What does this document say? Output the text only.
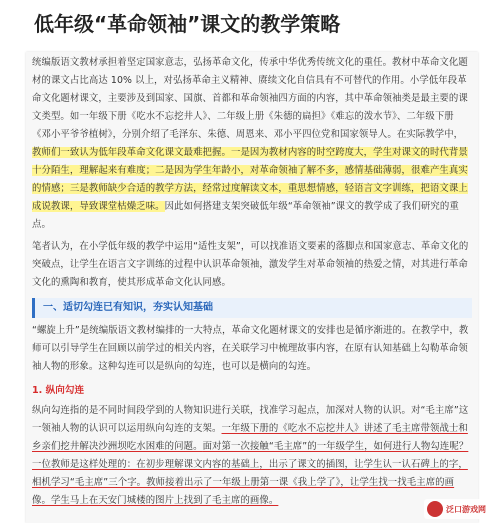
低年级“革命领袖”课文的教学策略

统编版语文教材承担着坚定国家意志，弘扬革命文化，传承中华优秀传统文化的重任。教材中革命文化题材的课文占比高达 10% 以上，对弘扬革命主义精神、赓续文化自信具有不可替代的作用。小学低年段革命文化题材课文，主要涉及到国家、国旗、首都和革命领袖四方面的内容，其中革命领袖类是最主要的课文类型。如一年级下册《吃水不忘挖井人》、二年级上册《朱德的扁担》《难忘的泼水节》、二年级下册《邓小平爷爷植树》，分别介绍了毛泽东、朱德、周恩来、邓小平四位党和国家领导人。在实际教学中，教师们一致认为低年段革命文化课文最难把握。一是因为教材内容的时空跨度大，学生对课文的时代背景十分陌生，理解起来有难度；二是因为学生年龄小，对革命领袖了解不多，感情基础薄弱，很难产生真实的情感；三是教师缺少合适的教学方法，经常过度解读文本，重思想情感，轻语言文字训练，把语文课上成说教课，导致课堂枯燥乏味。因此如何搭建支架突破低年级“革命领袖”课文的教学成了我们研究的重点。

笔者认为，在小学低年级的教学中运用“适性支架”，可以找准语文要素的落脚点和国家意志、革命文化的突破点，让学生在语言文字训练的过程中认识革命领袖，激发学生对革命领袖的热爱之情，对其进行革命文化的熏陶和教育，使其形成革命文化认同感。

一、适切勾连已有知识，夯实认知基础

“螺旋上升”是统编版语文教材编排的一大特点，革命文化题材课文的安排也是循序渐进的。在教学中，教师可以引导学生在回顾以前学过的相关内容，在关联学习中梳理故事内容，在原有认知基础上勾勒革命领袖人物的形象。这种勾连可以是纵向的勾连，也可以是横向的勾连。

1. 纵向勾连

纵向勾连指的是不同时间段学到的人物知识进行关联，找准学习起点，加深对人物的认识。对“毛主席”这一领袖人物的认识可以运用纵向勾连的支架。一年级下册的《吃水不忘挖井人》讲述了毛主席带领战士和乡亲们挖井解决沙洲坝吃水困难的问题。面对第一次接触“毛主席”的一年级学生，如何进行人物勾连呢？一位教师是这样处理的：在初步理解课文内容的基础上，出示了课文的插图，让学生认一认石碑上的字，相机学习“毛主席”三个字。教师接着出示了一年级上册第一课《我上学了》，让学生找一找毛主席的画像。学生马上在天安门城楼的图片上找到了毛主席的画像。

泛口游戏网
